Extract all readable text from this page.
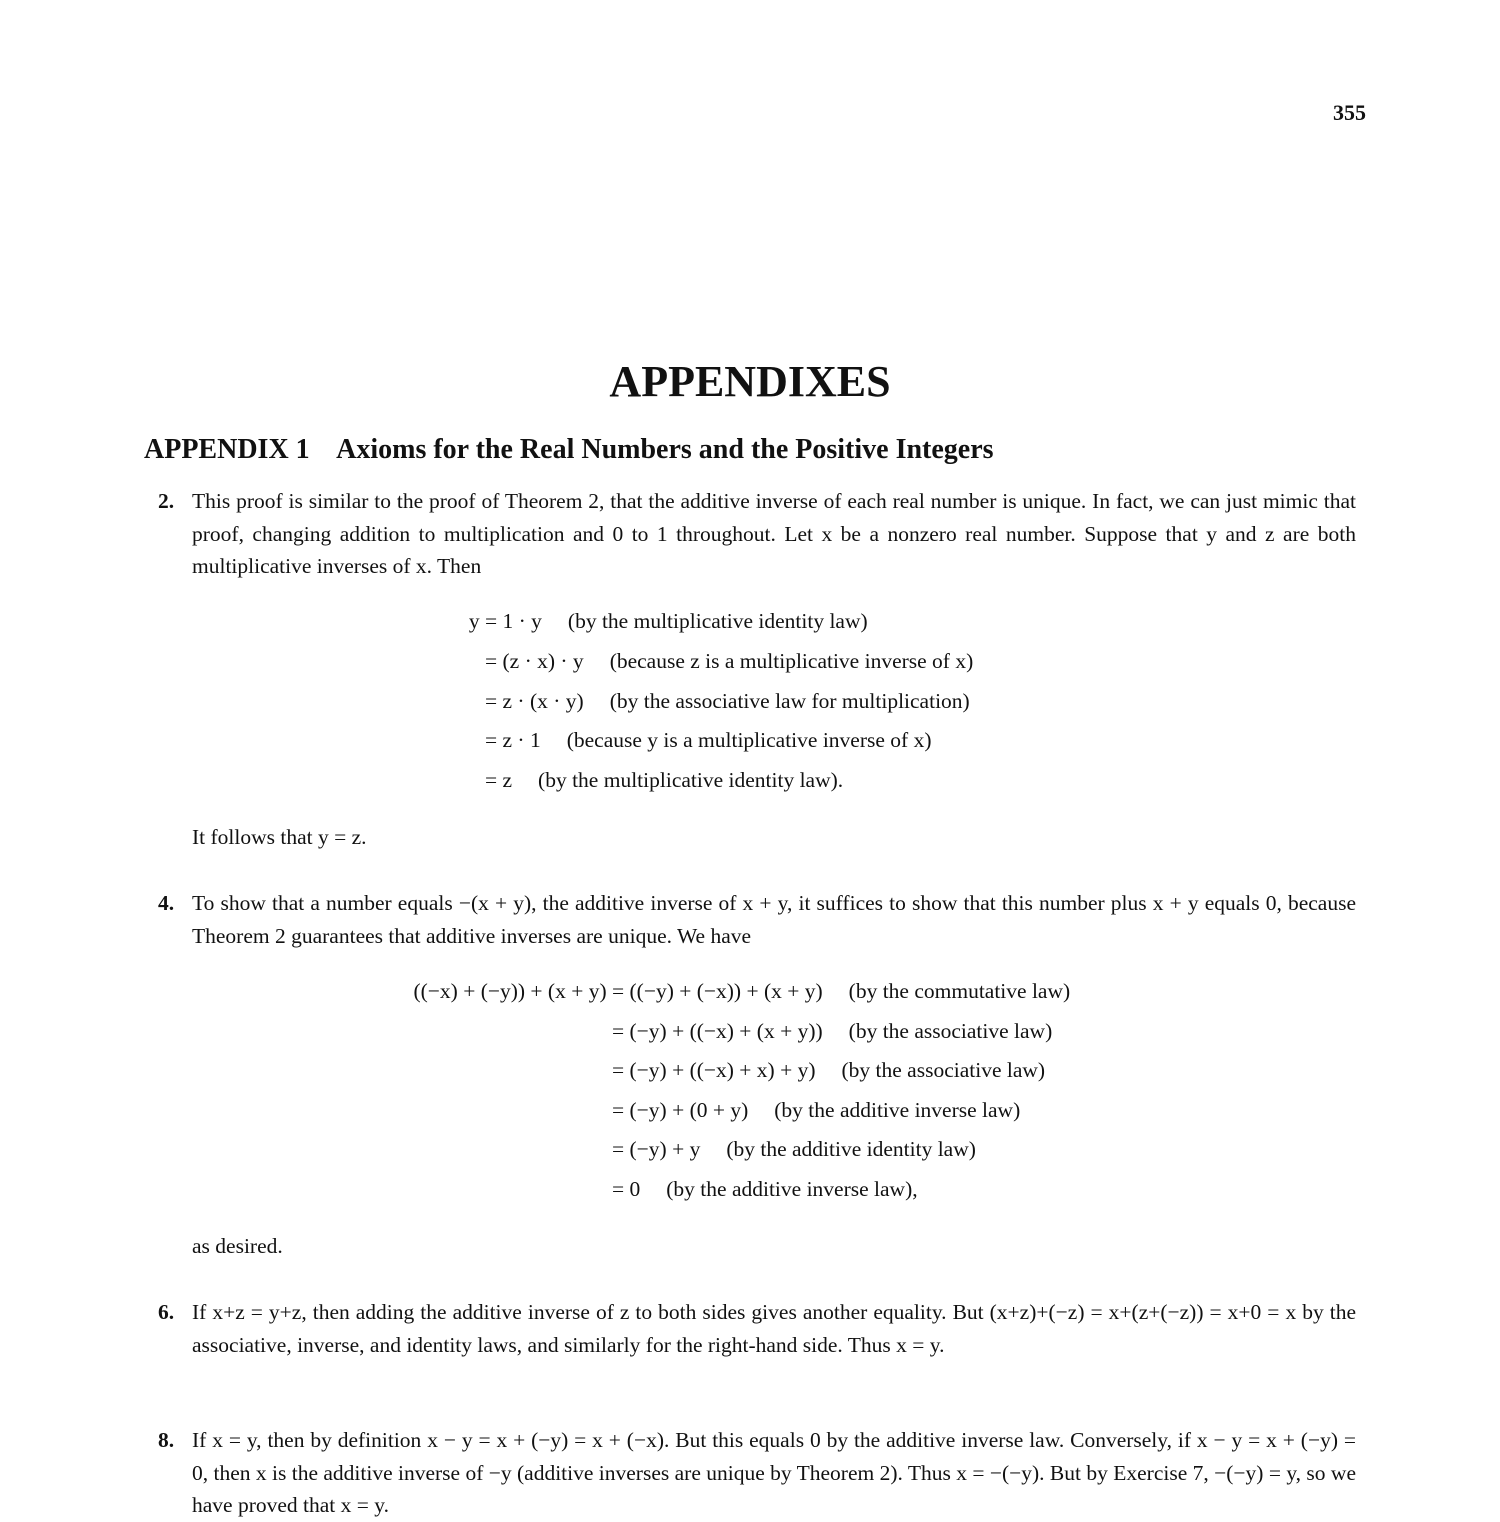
355
APPENDIXES
APPENDIX 1 Axioms for the Real Numbers and the Positive Integers
2. This proof is similar to the proof of Theorem 2, that the additive inverse of each real number is unique. In fact, we can just mimic that proof, changing addition to multiplication and 0 to 1 throughout. Let x be a nonzero real number. Suppose that y and z are both multiplicative inverses of x. Then

y

= 1 · y (by the multiplicative identity law)

= (z · x) · y (because z is a multiplicative inverse of x)

= z · (x · y) (by the associative law for multiplication)

= z · 1 (because y is a multiplicative inverse of x)

= z (by the multiplicative identity law).

It follows that y = z.
4. To show that a number equals −(x + y), the additive inverse of x + y, it suffices to show that this number plus x + y equals 0, because Theorem 2 guarantees that additive inverses are unique. We have

((−x) + (−y)) + (x + y)

= ((−y) + (−x)) + (x + y) (by the commutative law)

= (−y) + ((−x) + (x + y)) (by the associative law)

= (−y) + ((−x) + x) + y) (by the associative law)

= (−y) + (0 + y) (by the additive inverse law)

= (−y) + y (by the additive identity law)

= 0 (by the additive inverse law),

as desired.
6. If x+z = y+z, then adding the additive inverse of z to both sides gives another equality. But (x+z)+(−z) = x+(z+(−z)) = x+0 = x by the associative, inverse, and identity laws, and similarly for the right-hand side. Thus x = y.
8. If x = y, then by definition x − y = x + (−y) = x + (−x). But this equals 0 by the additive inverse law. Conversely, if x − y = x + (−y) = 0, then x is the additive inverse of −y (additive inverses are unique by Theorem 2). Thus x = −(−y). But by Exercise 7, −(−y) = y, so we have proved that x = y.
